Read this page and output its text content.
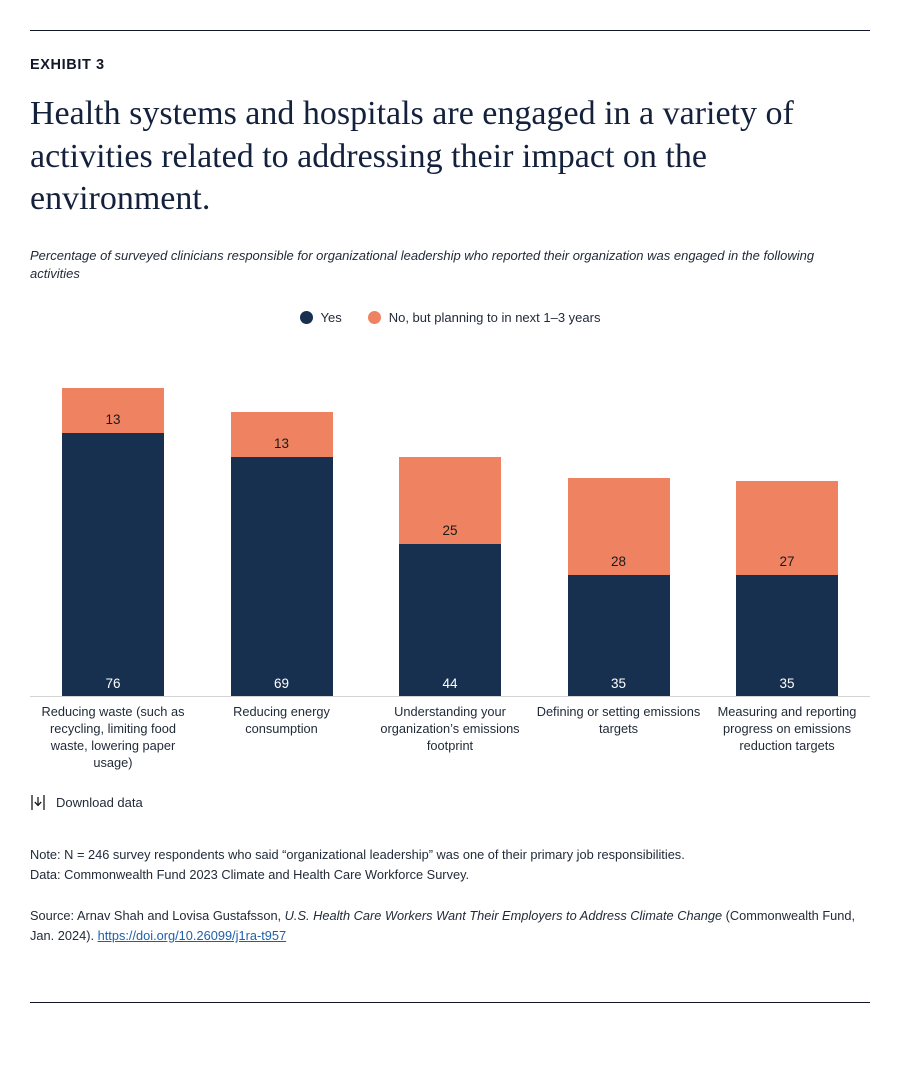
EXHIBIT 3
Health systems and hospitals are engaged in a variety of activities related to addressing their impact on the environment.
Percentage of surveyed clinicians responsible for organizational leadership who reported their organization was engaged in the following activities
Yes	No, but planning to in next 1–3 years
13
76
13
69
25
44
28
35
27
35
Reducing waste (such as recycling, limiting food waste, lowering paper usage)
Reducing energy consumption
Understanding your organization’s emissions footprint
Defining or setting emissions targets
Measuring and reporting progress on emissions reduction targets
Download data
Note: N = 246 survey respondents who said “organizational leadership” was one of their primary job responsibilities.
Data: Commonwealth Fund 2023 Climate and Health Care Workforce Survey.
Source: Arnav Shah and Lovisa Gustafsson, U.S. Health Care Workers Want Their Employers to Address Climate Change (Commonwealth Fund, Jan. 2024). https://doi.org/10.26099/j1ra-t957
